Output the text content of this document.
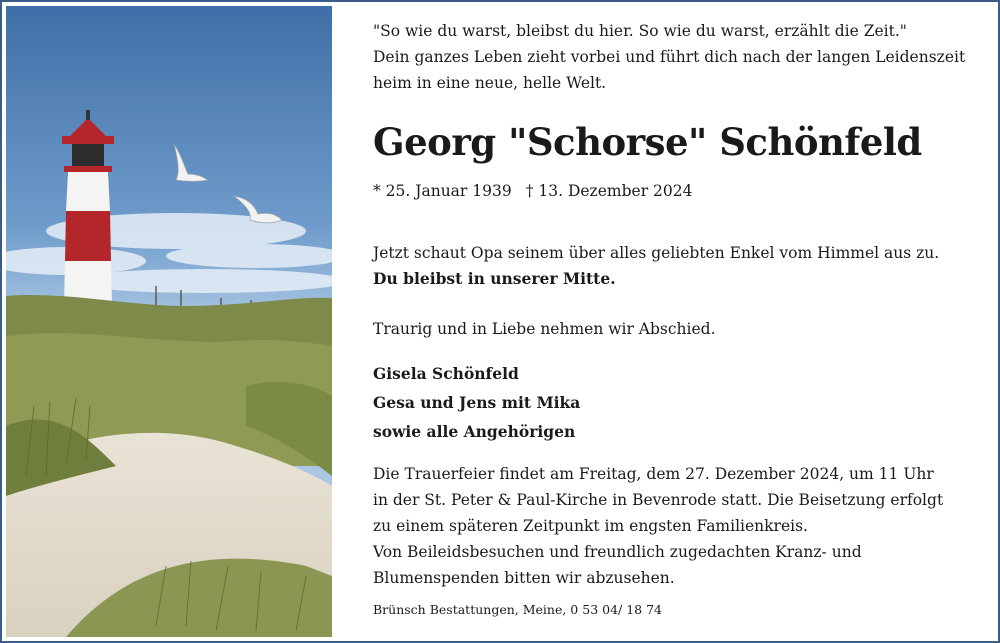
"So wie du warst, bleibst du hier. So wie du warst, erzählt die Zeit."
Dein ganzes Leben zieht vorbei und führt dich nach der langen Leidenszeit
heim in eine neue, helle Welt.
Georg "Schorse" Schönfeld
* 25. Januar 1939 † 13. Dezember 2024
Jetzt schaut Opa seinem über alles geliebten Enkel vom Himmel aus zu.
Du bleibst in unserer Mitte.
Traurig und in Liebe nehmen wir Abschied.
Gisela Schönfeld
Gesa und Jens mit Mika
sowie alle Angehörigen
Die Trauerfeier findet am Freitag, dem 27. Dezember 2024, um 11 Uhr
in der St. Peter & Paul-Kirche in Bevenrode statt. Die Beisetzung erfolgt
zu einem späteren Zeitpunkt im engsten Familienkreis.
Von Beileidsbesuchen und freundlich zugedachten Kranz- und
Blumenspenden bitten wir abzusehen.
Brünsch Bestattungen, Meine, 0 53 04/ 18 74
